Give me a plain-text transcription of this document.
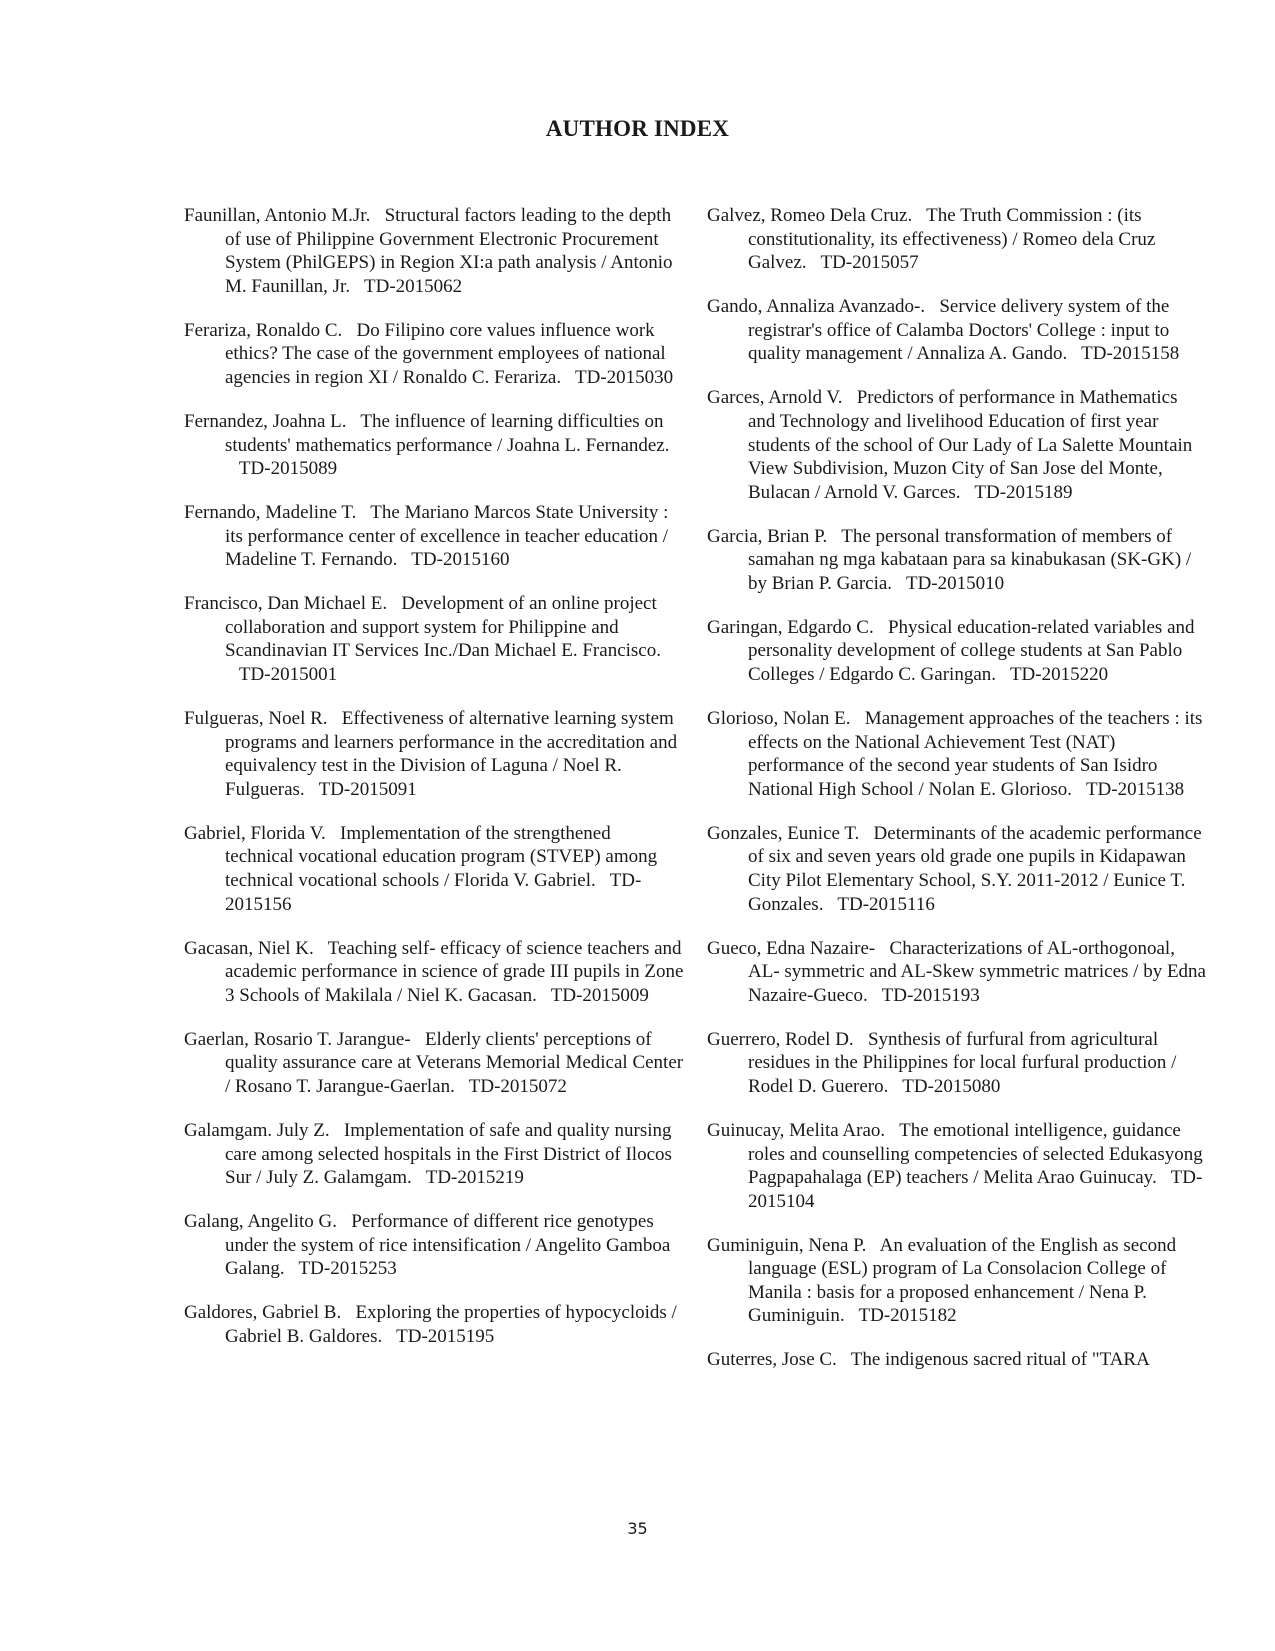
AUTHOR INDEX
Faunillan, Antonio M.Jr. Structural factors leading to the depth of use of Philippine Government Electronic Procurement System (PhilGEPS) in Region XI:a path analysis / Antonio M. Faunillan, Jr. TD-2015062
Ferariza, Ronaldo C. Do Filipino core values influence work ethics? The case of the government employees of national agencies in region XI / Ronaldo C. Ferariza. TD-2015030
Fernandez, Joahna L. The influence of learning difficulties on students' mathematics performance / Joahna L. Fernandez.   TD-2015089
Fernando, Madeline T. The Mariano Marcos State University : its performance center of excellence in teacher education / Madeline T. Fernando. TD-2015160
Francisco, Dan Michael E. Development of an online project collaboration and support system for Philippine and Scandinavian IT Services Inc./Dan Michael E. Francisco.   TD-2015001
Fulgueras, Noel R. Effectiveness of alternative learning system programs and learners performance in the accreditation and equivalency test in the Division of Laguna / Noel R. Fulgueras. TD-2015091
Gabriel, Florida V. Implementation of the strengthened technical vocational education program (STVEP) among technical vocational schools / Florida V. Gabriel. TD-2015156
Gacasan, Niel K. Teaching self- efficacy of science teachers and academic performance in science of grade III pupils in Zone 3 Schools of Makilala / Niel K. Gacasan. TD-2015009
Gaerlan, Rosario T. Jarangue- Elderly clients' perceptions of quality assurance care at Veterans Memorial Medical Center / Rosano T. Jarangue-Gaerlan. TD-2015072
Galamgam. July Z. Implementation of safe and quality nursing care among selected hospitals in the First District of Ilocos Sur / July Z. Galamgam. TD-2015219
Galang, Angelito G. Performance of different rice genotypes under the system of rice intensification / Angelito Gamboa Galang. TD-2015253
Galdores, Gabriel B. Exploring the properties of hypocycloids / Gabriel B. Galdores. TD-2015195
Galvez, Romeo Dela Cruz. The Truth Commission : (its constitutionality, its effectiveness) / Romeo dela Cruz Galvez. TD-2015057
Gando, Annaliza Avanzado-. Service delivery system of the registrar's office of Calamba Doctors' College : input to quality management / Annaliza A. Gando. TD-2015158
Garces, Arnold V. Predictors of performance in Mathematics and Technology and livelihood Education of first year students of the school of Our Lady of La Salette Mountain View Subdivision, Muzon City of San Jose del Monte, Bulacan / Arnold V. Garces. TD-2015189
Garcia, Brian P. The personal transformation of members of samahan ng mga kabataan para sa kinabukasan (SK-GK) / by Brian P. Garcia. TD-2015010
Garingan, Edgardo C. Physical education-related variables and personality development of college students at San Pablo Colleges / Edgardo C. Garingan. TD-2015220
Glorioso, Nolan E. Management approaches of the teachers : its effects on the National Achievement Test (NAT) performance of the second year students of San Isidro National High School / Nolan E. Glorioso. TD-2015138
Gonzales, Eunice T. Determinants of the academic performance of six and seven years old grade one pupils in Kidapawan City Pilot Elementary School, S.Y. 2011-2012 / Eunice T. Gonzales. TD-2015116
Gueco, Edna Nazaire- Characterizations of AL-orthogonoal, AL- symmetric and AL-Skew symmetric matrices / by Edna Nazaire-Gueco. TD-2015193
Guerrero, Rodel D. Synthesis of furfural from agricultural residues in the Philippines for local furfural production / Rodel D. Guerero. TD-2015080
Guinucay, Melita Arao. The emotional intelligence, guidance roles and counselling competencies of selected Edukasyong Pagpapahalaga (EP) teachers / Melita Arao Guinucay. TD-2015104
Guminiguin, Nena P. An evaluation of the English as second language (ESL) program of La Consolacion College of Manila : basis for a proposed enhancement / Nena P. Guminiguin. TD-2015182
Guterres, Jose C. The indigenous sacred ritual of "TARA
35
